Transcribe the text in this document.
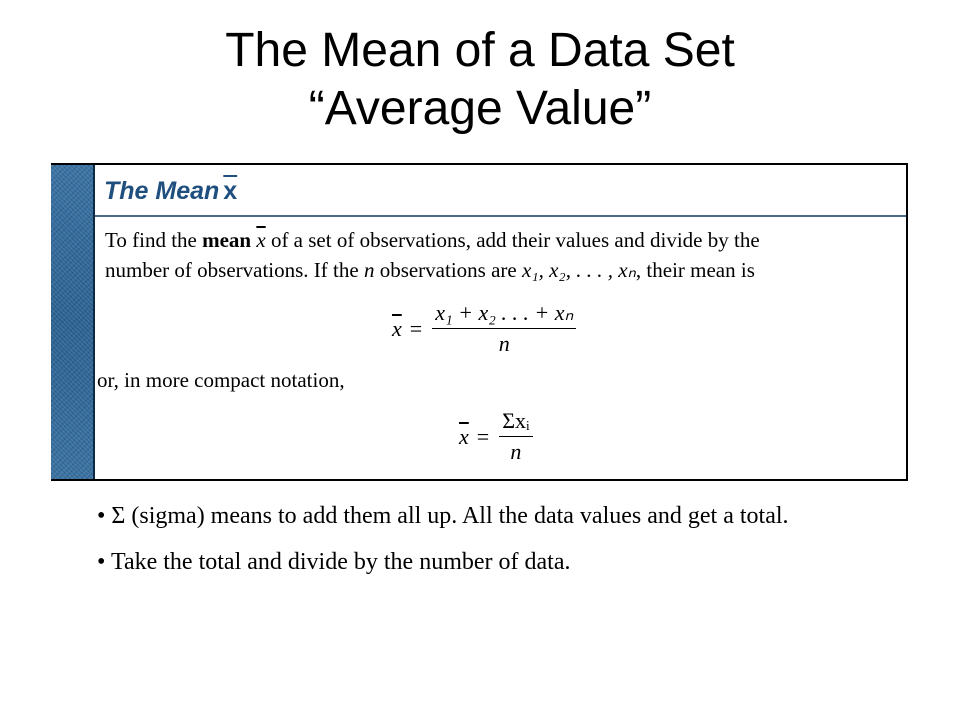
The Mean of a Data Set
“Average Value”
The Mean $\overline{x}$
To find the mean $\overline{x}$ of a set of observations, add their values and divide by the
number of observations. If the n observations are x₁, x₂, . . . , xₙ, their mean is
$\overline{x} = \frac{\text{x₁ + x₂ . . . + xₙ}}{n}$
or, in more compact notation,
$\overline{x} = \frac{\text{Σxᵢ}}{n}$
• Σ (sigma) means to add them all up. All the data values and get a total.
• Take the total and divide by the number of data.
